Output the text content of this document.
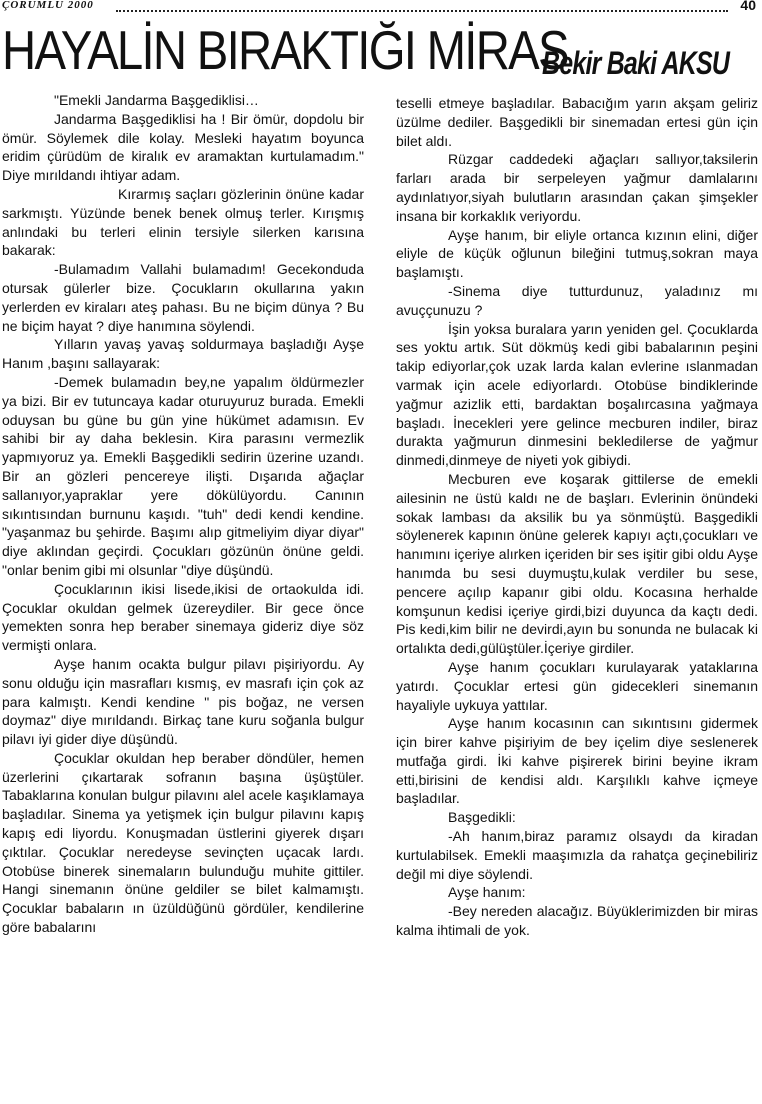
ÇORUMLU 2000	40
HAYALİN BIRAKTIĞI MİRAS
Bekir Baki AKSU

"Emekli Jandarma Başgediklisi…

Jandarma Başgediklisi ha ! Bir ömür, dopdolu bir ömür. Söylemek dile kolay. Mesleki hayatım boyunca eridim çürüdüm de kiralık ev aramaktan kurtulamadım." Diye mırıldandı ihtiyar adam.

Kırarmış saçları gözlerinin önüne kadar sarkmıştı. Yüzünde benek benek olmuş terler. Kırışmış anlındaki bu terleri elinin tersiyle silerken karısına bakarak:

-Bulamadım Vallahi bulamadım! Gecekonduda otursak gülerler bize. Çocukların okullarına yakın yerlerden ev kiraları ateş pahası. Bu ne biçim dünya ? Bu ne biçim hayat ? diye hanımına söylendi.

Yılların yavaş yavaş soldurmaya başladığı Ayşe Hanım ,başını sallayarak:

-Demek bulamadın bey,ne yapalım öldürmezler ya bizi. Bir ev tutuncaya kadar oturuyuruz burada. Emekli oduysan bu güne bu gün yine hükümet adamısın. Ev sahibi bir ay daha beklesin. Kira parasını vermezlik yapmıyoruz ya. Emekli Başgedikli sedirin üzerine uzandı. Bir an gözleri pencereye ilişti. Dışarıda ağaçlar sallanıyor,yapraklar yere dökülüyordu. Canının sıkıntısından burnunu kaşıdı. "tuh" dedi kendi kendine. "yaşanmaz bu şehirde. Başımı alıp gitmeliyim diyar diyar" diye aklından geçirdi. Çocukları gözünün önüne geldi. "onlar benim gibi mi olsunlar "diye düşündü.

Çocuklarının ikisi lisede,ikisi de ortaokulda idi. Çocuklar okuldan gelmek üzereydiler. Bir gece önce yemekten sonra hep beraber sinemaya gideriz diye söz vermişti onlara.

Ayşe hanım ocakta bulgur pilavı pişiriyordu. Ay sonu olduğu için masrafları kısmış, ev masrafı için çok az para kalmıştı. Kendi kendine " pis boğaz, ne versen doymaz" diye mırıldandı. Birkaç tane kuru soğanla bulgur pilavı iyi gider diye düşündü.

Çocuklar okuldan hep beraber döndüler, hemen üzerlerini çıkartarak sofranın başına üşüştüler. Tabaklarına konulan bulgur pilavını alel acele kaşıklamaya başladılar. Sinema ya yetişmek için bulgur pilavını kapış kapış edi liyordu. Konuşmadan üstlerini giyerek dışarı çıktılar. Çocuklar neredeyse sevinçten uçacak lardı. Otobüse binerek sinemaların bulunduğu muhite gittiler. Hangi sinemanın önüne geldiler se bilet kalmamıştı. Çocuklar babaların ın üzüldüğünü gördüler, kendilerine göre babalarını

teselli etmeye başladılar. Babacığım yarın akşam geliriz üzülme dediler. Başgedikli bir sinemadan ertesi gün için bilet aldı.

Rüzgar caddedeki ağaçları sallıyor,taksilerin farları arada bir serpeleyen yağmur damlalarını aydınlatıyor,siyah bulutların arasından çakan şimşekler insana bir korkaklık veriyordu.

Ayşe hanım, bir eliyle ortanca kızının elini, diğer eliyle de küçük oğlunun bileğini tutmuş,sokran maya başlamıştı.

-Sinema diye tutturdunuz, yaladınız mı avuççunuzu ?

İşin yoksa buralara yarın yeniden gel. Çocuklarda ses yoktu artık. Süt dökmüş kedi gibi babalarının peşini takip ediyorlar,çok uzak larda kalan evlerine ıslanmadan varmak için acele ediyorlardı. Otobüse bindiklerinde yağmur azizlik etti, bardaktan boşalırcasına yağmaya başladı. İnecekleri yere gelince mecburen indiler, biraz durakta yağmurun dinmesini bekledilerse de yağmur dinmedi,dinmeye de niyeti yok gibiydi.

Mecburen eve koşarak gittilerse de emekli ailesinin ne üstü kaldı ne de başları. Evlerinin önündeki sokak lambası da aksilik bu ya sönmüştü. Başgedikli söylenerek kapının önüne gelerek kapıyı açtı,çocukları ve hanımını içeriye alırken içeriden bir ses işitir gibi oldu Ayşe hanımda bu sesi duymuştu,kulak verdiler bu sese, pencere açılıp kapanır gibi oldu. Kocasına herhalde komşunun kedisi içeriye girdi,bizi duyunca da kaçtı dedi. Pis kedi,kim bilir ne devirdi,ayın bu sonunda ne bulacak ki ortalıkta dedi,gülüştüler.İçeriye girdiler.

Ayşe hanım çocukları kurulayarak yataklarına yatırdı. Çocuklar ertesi gün gidecekleri sinemanın hayaliyle uykuya yattılar.

Ayşe hanım kocasının can sıkıntısını gidermek için birer kahve pişiriyim de bey içelim diye seslenerek mutfağa girdi. İki kahve pişirerek birini beyine ikram etti,birisini de kendisi aldı. Karşılıklı kahve içmeye başladılar.

Başgedikli:

-Ah hanım,biraz paramız olsaydı da kiradan kurtulabilsek. Emekli maaşımızla da rahatça geçinebiliriz değil mi diye söylendi.

Ayşe hanım:

-Bey nereden alacağız. Büyüklerimizden bir miras kalma ihtimali de yok.
